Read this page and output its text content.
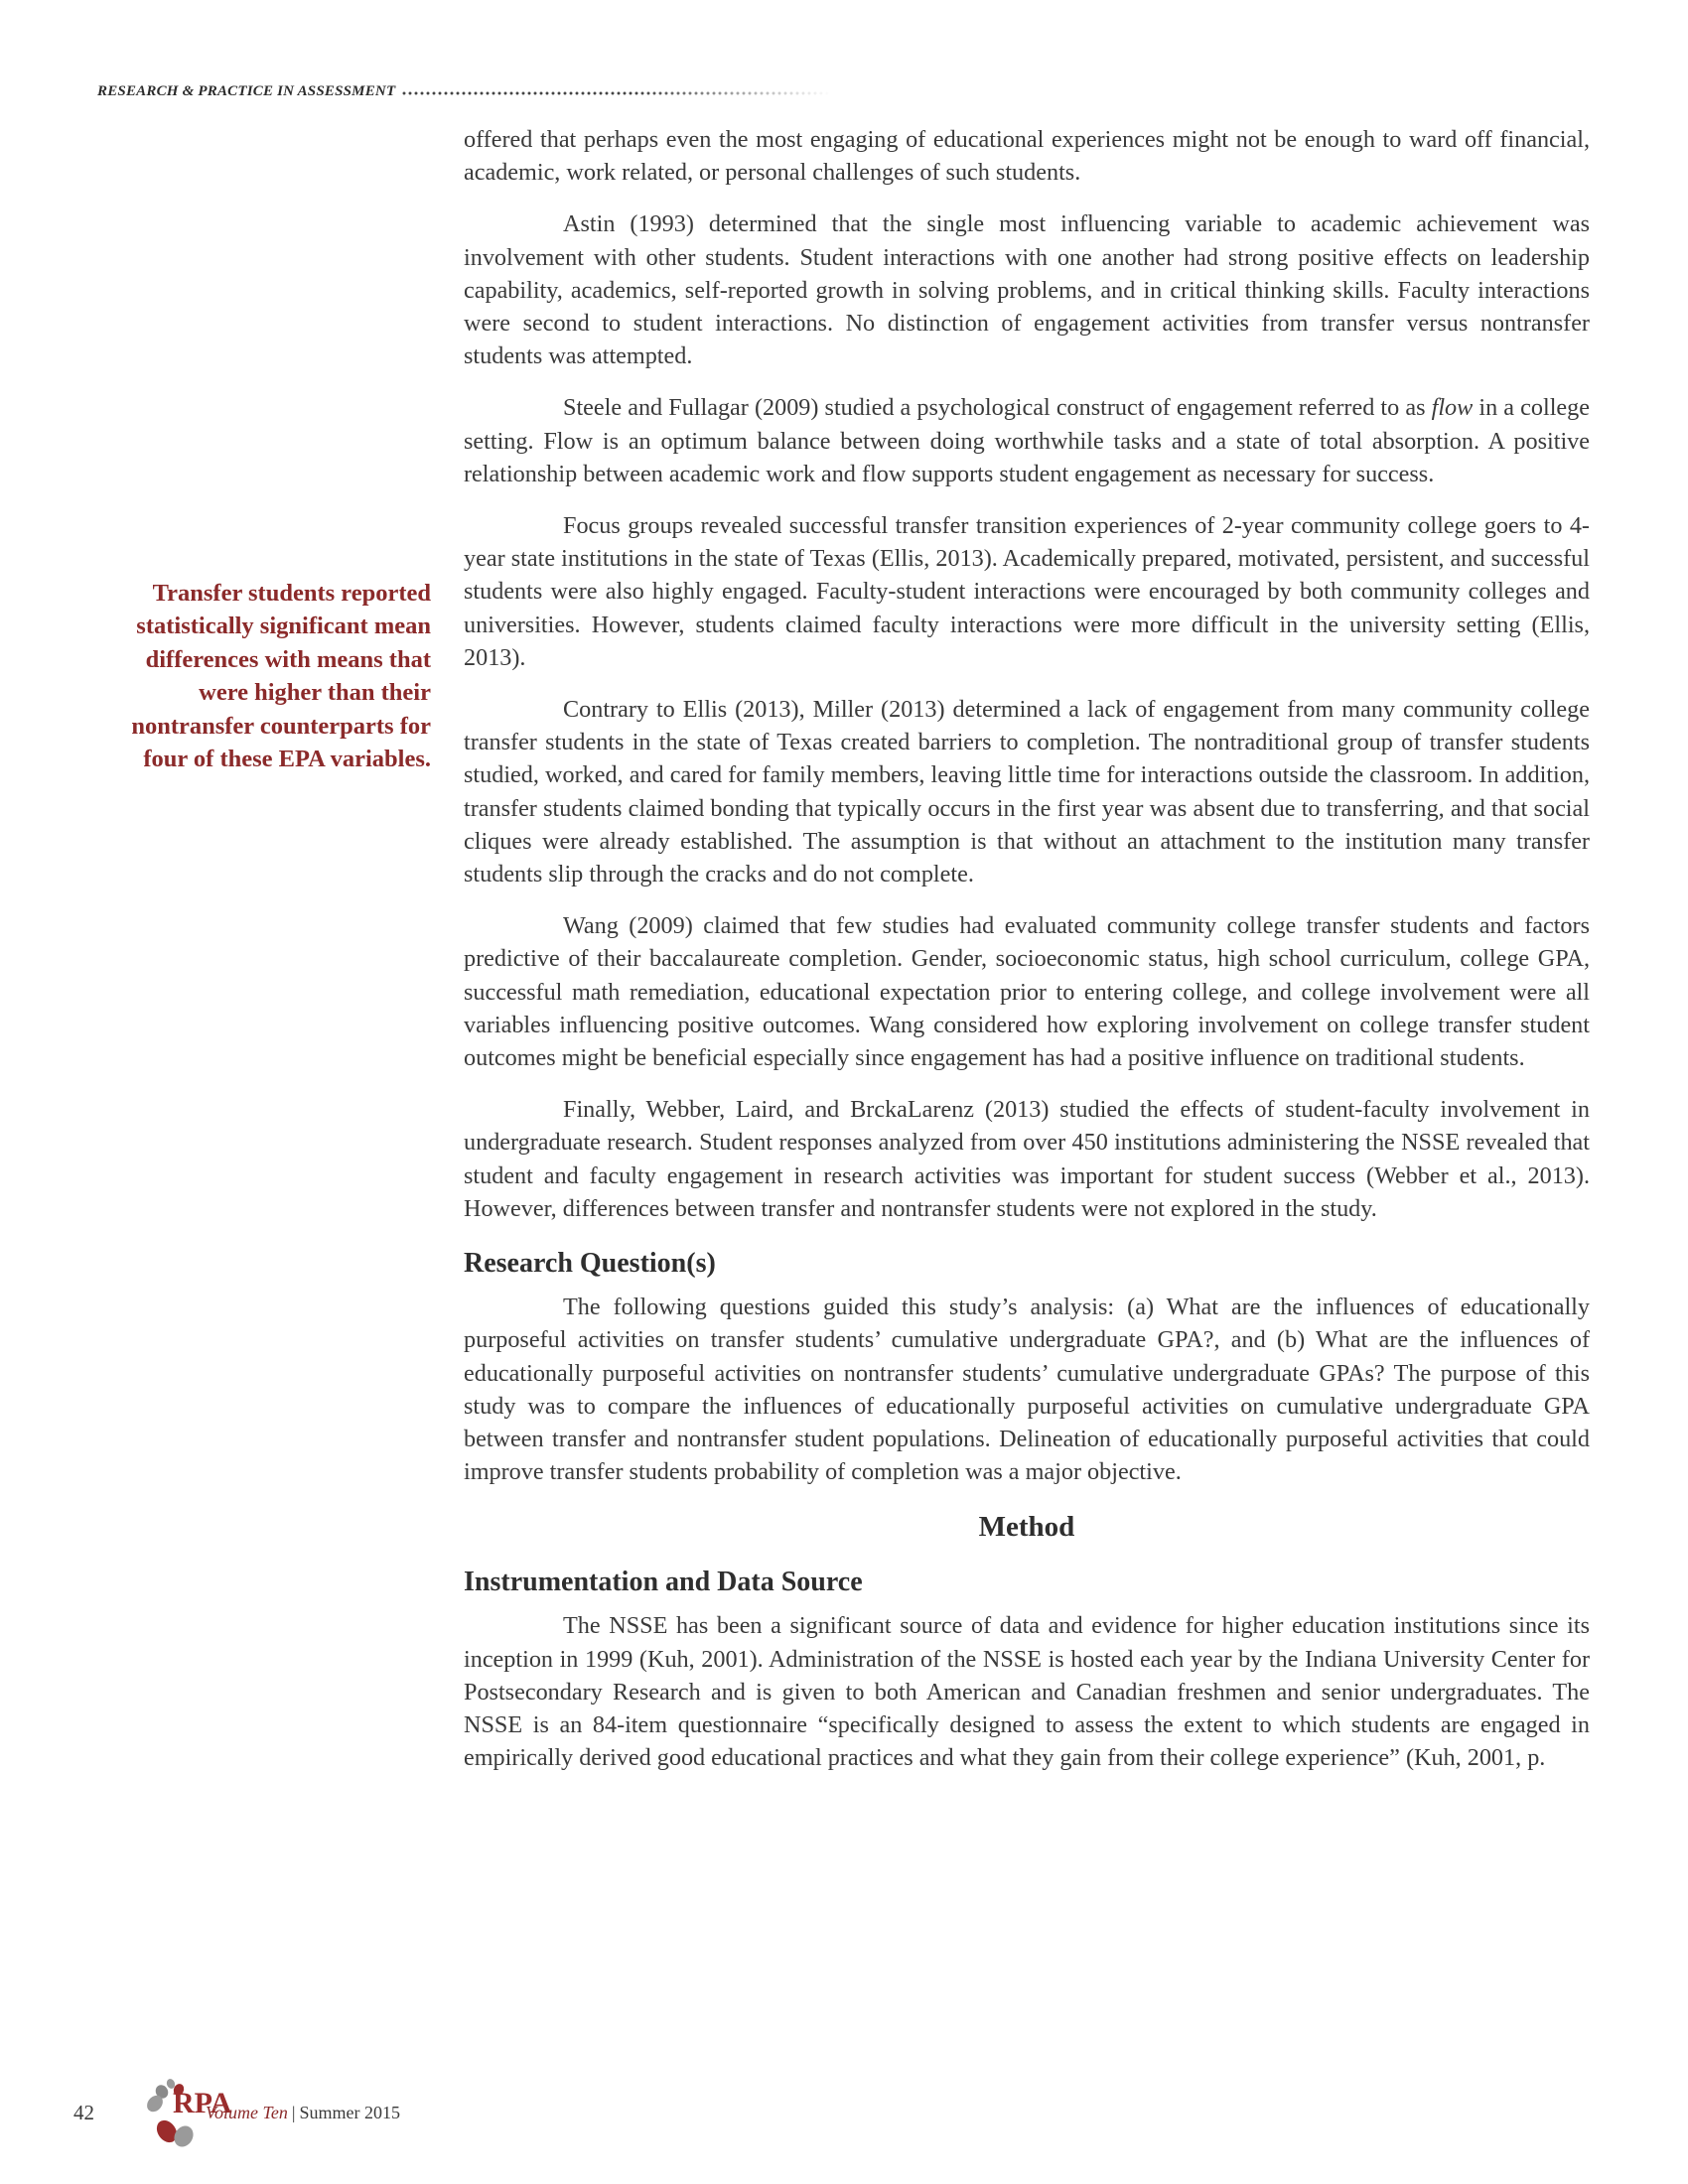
RESEARCH & PRACTICE IN ASSESSMENT
Transfer students reported statistically significant mean differences with means that were higher than their nontransfer counterparts for four of these EPA variables.

offered that perhaps even the most engaging of educational experiences might not be enough to ward off financial, academic, work related, or personal challenges of such students.

Astin (1993) determined that the single most influencing variable to academic achievement was involvement with other students. Student interactions with one another had strong positive effects on leadership capability, academics, self-reported growth in solving problems, and in critical thinking skills. Faculty interactions were second to student interactions. No distinction of engagement activities from transfer versus nontransfer students was attempted.

Steele and Fullagar (2009) studied a psychological construct of engagement referred to as flow in a college setting. Flow is an optimum balance between doing worthwhile tasks and a state of total absorption. A positive relationship between academic work and flow supports student engagement as necessary for success.

Focus groups revealed successful transfer transition experiences of 2-year community college goers to 4-year state institutions in the state of Texas (Ellis, 2013). Academically prepared, motivated, persistent, and successful students were also highly engaged. Faculty-student interactions were encouraged by both community colleges and universities. However, students claimed faculty interactions were more difficult in the university setting (Ellis, 2013).

Contrary to Ellis (2013), Miller (2013) determined a lack of engagement from many community college transfer students in the state of Texas created barriers to completion. The nontraditional group of transfer students studied, worked, and cared for family members, leaving little time for interactions outside the classroom. In addition, transfer students claimed bonding that typically occurs in the first year was absent due to transferring, and that social cliques were already established. The assumption is that without an attachment to the institution many transfer students slip through the cracks and do not complete.

Wang (2009) claimed that few studies had evaluated community college transfer students and factors predictive of their baccalaureate completion. Gender, socioeconomic status, high school curriculum, college GPA, successful math remediation, educational expectation prior to entering college, and college involvement were all variables influencing positive outcomes. Wang considered how exploring involvement on college transfer student outcomes might be beneficial especially since engagement has had a positive influence on traditional students.

Finally, Webber, Laird, and BrckaLarenz (2013) studied the effects of student-faculty involvement in undergraduate research. Student responses analyzed from over 450 institutions administering the NSSE revealed that student and faculty engagement in research activities was important for student success (Webber et al., 2013). However, differences between transfer and nontransfer students were not explored in the study.

Research Question(s)

The following questions guided this study’s analysis: (a) What are the influences of educationally purposeful activities on transfer students’ cumulative undergraduate GPA?, and (b) What are the influences of educationally purposeful activities on nontransfer students’ cumulative undergraduate GPAs? The purpose of this study was to compare the influences of educationally purposeful activities on cumulative undergraduate GPA between transfer and nontransfer student populations. Delineation of educationally purposeful activities that could improve transfer students probability of completion was a major objective.

Method
Instrumentation and Data Source

The NSSE has been a significant source of data and evidence for higher education institutions since its inception in 1999 (Kuh, 2001). Administration of the NSSE is hosted each year by the Indiana University Center for Postsecondary Research and is given to both American and Canadian freshmen and senior undergraduates. The NSSE is an 84-item questionnaire “specifically designed to assess the extent to which students are engaged in empirically derived good educational practices and what they gain from their college experience” (Kuh, 2001, p.

42	RPA
Volume Ten | Summer 2015
